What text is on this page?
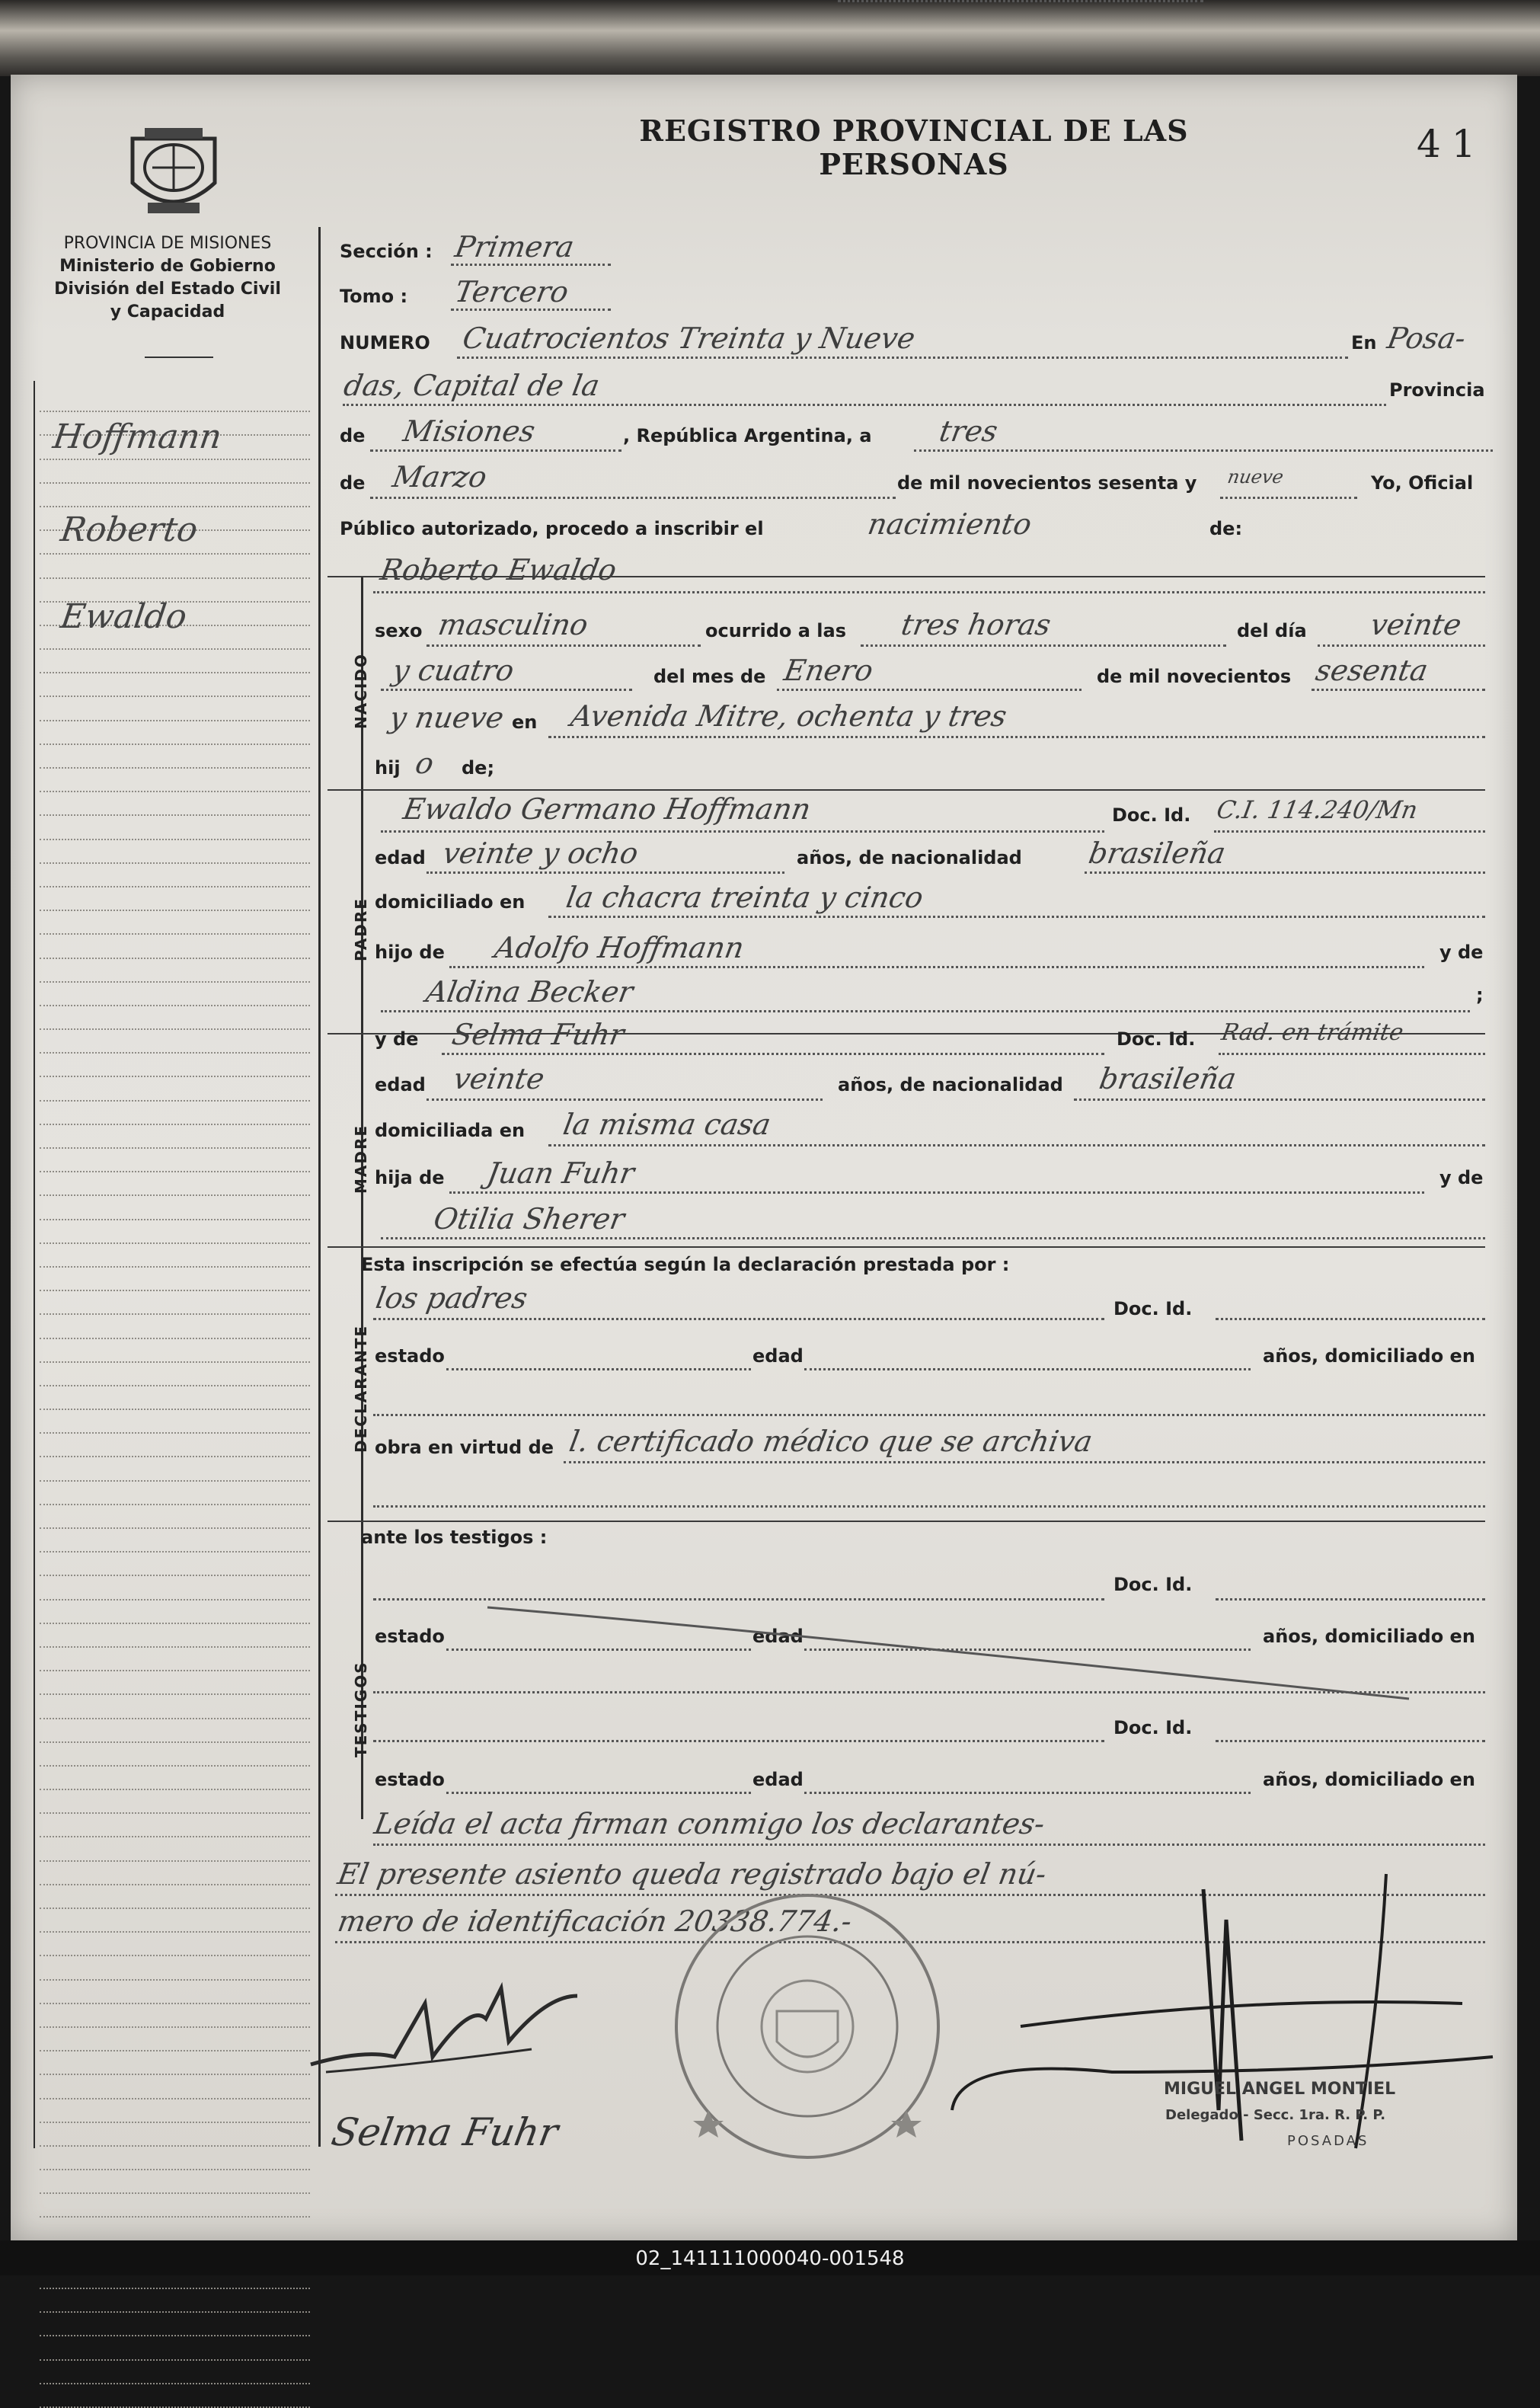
PROVINCIA DE MISIONES
Ministerio de Gobierno
División del Estado Civil
y Capacidad
REGISTRO PROVINCIAL DE LAS PERSONAS	41
Hoffmann
Roberto
Ewaldo
NACIDO
PADRE
MADRE
DECLARANTE
TESTIGOS
Sección : Primera
Tomo : Tercero
NUMERO Cuatrocientos Treinta y Nueve	En Posa-
das, Capital de la	Provincia
de Misiones	, República Argentina, a tres
de Marzo	de mil novecientos sesenta y nueve	Yo, Oficial
Público autorizado, procedo a inscribir el	nacimiento	de:
Roberto Ewaldo
sexo masculino	ocurrido a las tres horas	del día veinte
y cuatro	del mes de Enero	de mil novecientos sesenta
y nueve en Avenida Mitre, ochenta y tres
hij o de;
Ewaldo Germano Hoffmann	Doc. Id. C.I. 114.240/Mn
edad veinte y ocho	años, de nacionalidad brasileña
domiciliado en la chacra treinta y cinco
hijo de Adolfo Hoffmann	y de
Aldina Becker	;
y de Selma Fuhr	Doc. Id. Rad. en trámite
edad veinte	años, de nacionalidad brasileña
domiciliada en la misma casa
hija de Juan Fuhr	y de
Otilia Sherer
Esta inscripción se efectúa según la declaración prestada por :
los padres	Doc. Id.
estado	edad	años, domiciliado en
obra en virtud de l. certificado médico que se archiva
ante los testigos :
Doc. Id.
estado	edad	años, domiciliado en
Doc. Id.
estado	edad	años, domiciliado en
Leída el acta firman conmigo los declarantes-
El presente asiento queda registrado bajo el nú-
mero de identificación 20338.774.-
Selma Fuhr
MIGUEL ANGEL MONTIEL
Delegado - Secc. 1ra. R. P. P.
POSADAS
02_141111000040-001548
